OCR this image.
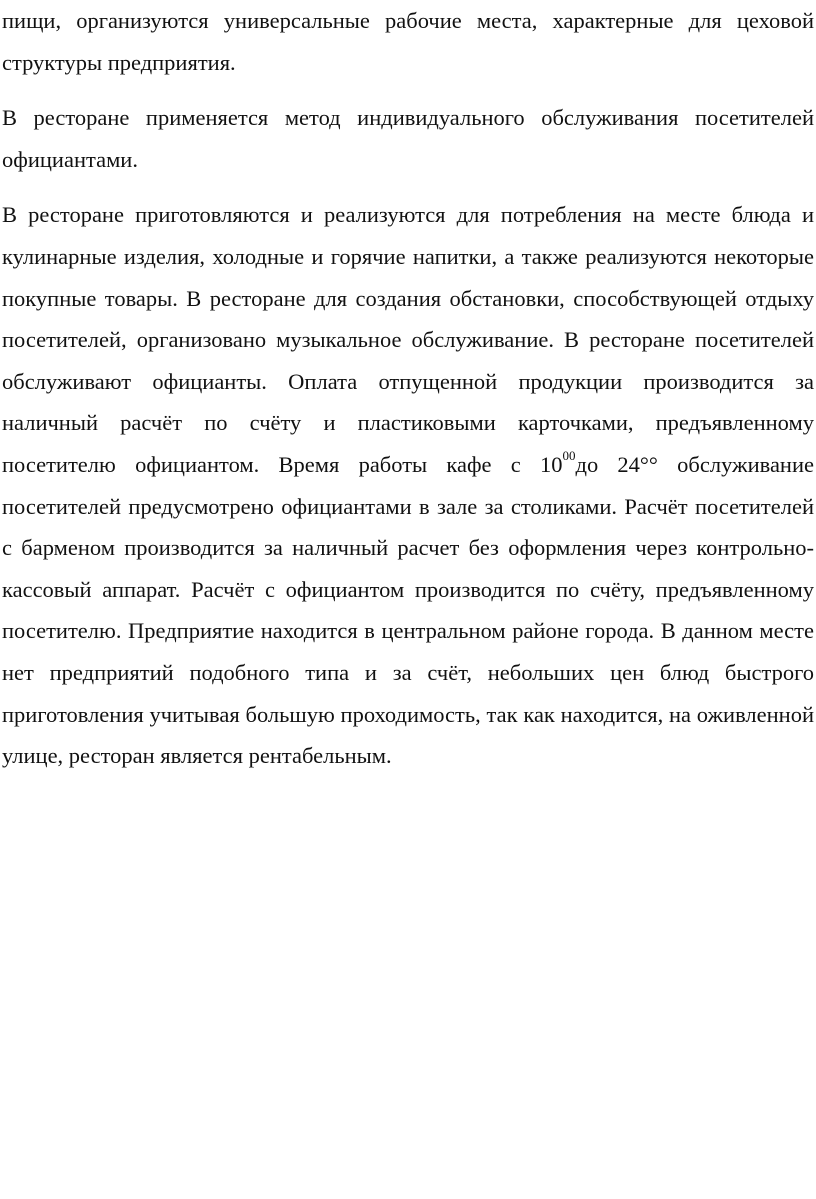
пищи, организуются универсальные рабочие места, характерные для цеховой структуры предприятия.

В ресторане применяется метод индивидуального обслуживания посетителей официантами.

В ресторане приготовляются и реализуются для потребления на месте блюда и кулинарные изделия, холодные и горячие напитки, а также реализуются некоторые покупные товары. В ресторане для создания обстановки, способствующей отдыху посетителей, организовано музыкальное обслуживание. В ресторане посетителей обслуживают официанты. Оплата отпущенной продукции производится за наличный расчёт по счёту и пластиковыми карточками, предъявленному посетителю официантом. Время работы кафе с $10^{00}до$ 24°° обслуживание посетителей предусмотрено официантами в зале за столиками. Расчёт посетителей с барменом производится за наличный расчет без оформления через контрольно-кассовый аппарат. Расчёт с официантом производится по счёту, предъявленному посетителю. Предприятие находится в центральном районе города. В данном месте нет предприятий подобного типа и за счёт, небольших цен блюд быстрого приготовления учитывая большую проходимость, так как находится, на оживленной улице, ресторан является рентабельным.
